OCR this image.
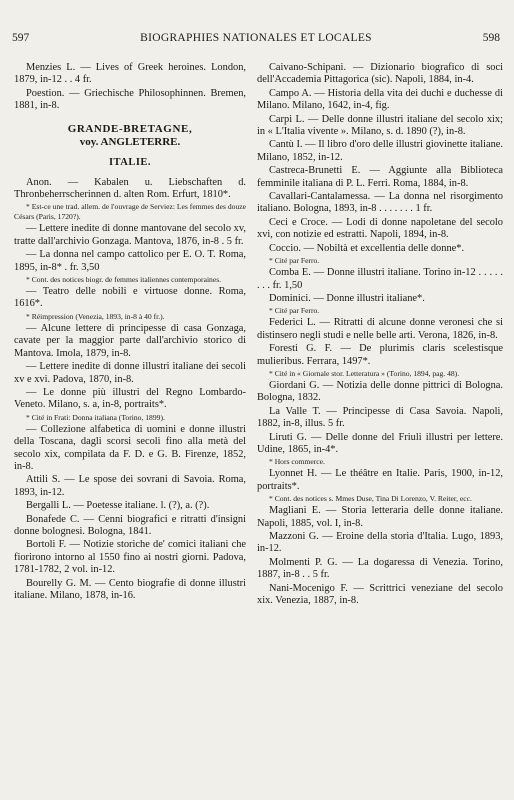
597	BIOGRAPHIES NATIONALES ET LOCALES	598
Menzies L. — Lives of Greek heroines. London, 1879, in-12 . . 4 fr.
Poestion. — Griechische Philosophinnen. Bremen, 1881, in-8.
GRANDE-BRETAGNE,
voy. ANGLETERRE.
ITALIE.
Anon. — Kabalen u. Liebschaften d. Thronbeherrscherinnen d. alten Rom. Erfurt, 1810*.
* Est-ce une trad. allem. de l'ouvrage de Serviez: Les femmes des douze Césars (Paris, 1720?).
— Lettere inedite di donne mantovane del secolo xv, tratte dall'archivio Gonzaga. Mantova, 1876, in-8 . 5 fr.
— La donna nel campo cattolico per E. O. T. Roma, 1895, in-8* . fr. 3,50
* Cont. des notices biogr. de femmes italiennes contemporaines.
— Teatro delle nobili e virtuose donne. Roma, 1616*.
* Réimpression (Venezia, 1893, in-8 à 40 fr.).
— Alcune lettere di principesse di casa Gonzaga, cavate per la maggior parte dall'archivio storico di Mantova. Imola, 1879, in-8.
— Lettere inedite di donne illustri italiane dei secoli xv e xvi. Padova, 1870, in-8.
— Le donne più illustri del Regno Lombardo-Veneto. Milano, s. a, in-8, portraits*.
* Cité in Frati: Donna italiana (Torino, 1899).
— Collezione alfabetica di uomini e donne illustri della Toscana, dagli scorsi secoli fino alla metà del secolo xix, compilata da F. D. e G. B. Firenze, 1852, in-8.
Attili S. — Le spose dei sovrani di Savoia. Roma, 1893, in-12.
Bergalli L. — Poetesse italiane. l. (?), a. (?).
Bonafede C. — Cenni biografici e ritratti d'insigni donne bolognesi. Bologna, 1841.
Bortoli F. — Notizie storiche de' comici italiani che fiorirono intorno al 1550 fino ai nostri giorni. Padova, 1781-1782, 2 vol. in-12.
Bourelly G. M. — Cento biografie di donne illustri italiane. Milano, 1878, in-16.
Caivano-Schipani. — Dizionario biografico di soci dell'Accademia Pittagorica (sic). Napoli, 1884, in-4.
Campo A. — Historia della vita dei duchi e duchesse di Milano. Milano, 1642, in-4, fig.
Carpi L. — Delle donne illustri italiane del secolo xix; in « L'Italia vivente ». Milano, s. d. 1890 (?), in-8.
Cantù I. — Il libro d'oro delle illustri giovinette italiane. Milano, 1852, in-12.
Castreca-Brunetti E. — Aggiunte alla Biblioteca femminile italiana di P. L. Ferri. Roma, 1884, in-8.
Cavallari-Cantalamessa. — La donna nel risorgimento italiano. Bologna, 1893, in-8 . . . . . . . 1 fr.
Ceci e Croce. — Lodi di donne napoletane del secolo xvi, con notizie ed estratti. Napoli, 1894, in-8.
Coccio. — Nobiltà et excellentia delle donne*.
* Cité par Ferro.
Comba E. — Donne illustri italiane. Torino in-12 . . . . . . . . fr. 1,50
Dominici. — Donne illustri italiane*.
* Cité par Ferro.
Federici L. — Ritratti di alcune donne veronesi che si distinsero negli studi e nelle belle arti. Verona, 1826, in-8.
Foresti G. F. — De plurimis claris scelestisque mulieribus. Ferrara, 1497*.
* Cité in « Giornale stor. Letteratura » (Torino, 1894, pag. 48).
Giordani G. — Notizia delle donne pittrici di Bologna. Bologna, 1832.
La Valle T. — Principesse di Casa Savoia. Napoli, 1882, in-8, illus. 5 fr.
Liruti G. — Delle donne del Friuli illustri per lettere. Udine, 1865, in-4*.
* Hors commerce.
Lyonnet H. — Le théâtre en Italie. Paris, 1900, in-12, portraits*.
* Cont. des notices s. Mmes Duse, Tina Di Lorenzo, V. Reiter, ecc.
Magliani E. — Storia letteraria delle donne italiane. Napoli, 1885, vol. I, in-8.
Mazzoni G. — Eroine della storia d'Italia. Lugo, 1893, in-12.
Molmenti P. G. — La dogaressa di Venezia. Torino, 1887, in-8 . . 5 fr.
Nani-Mocenigo F. — Scrittrici veneziane del secolo xix. Venezia, 1887, in-8.
